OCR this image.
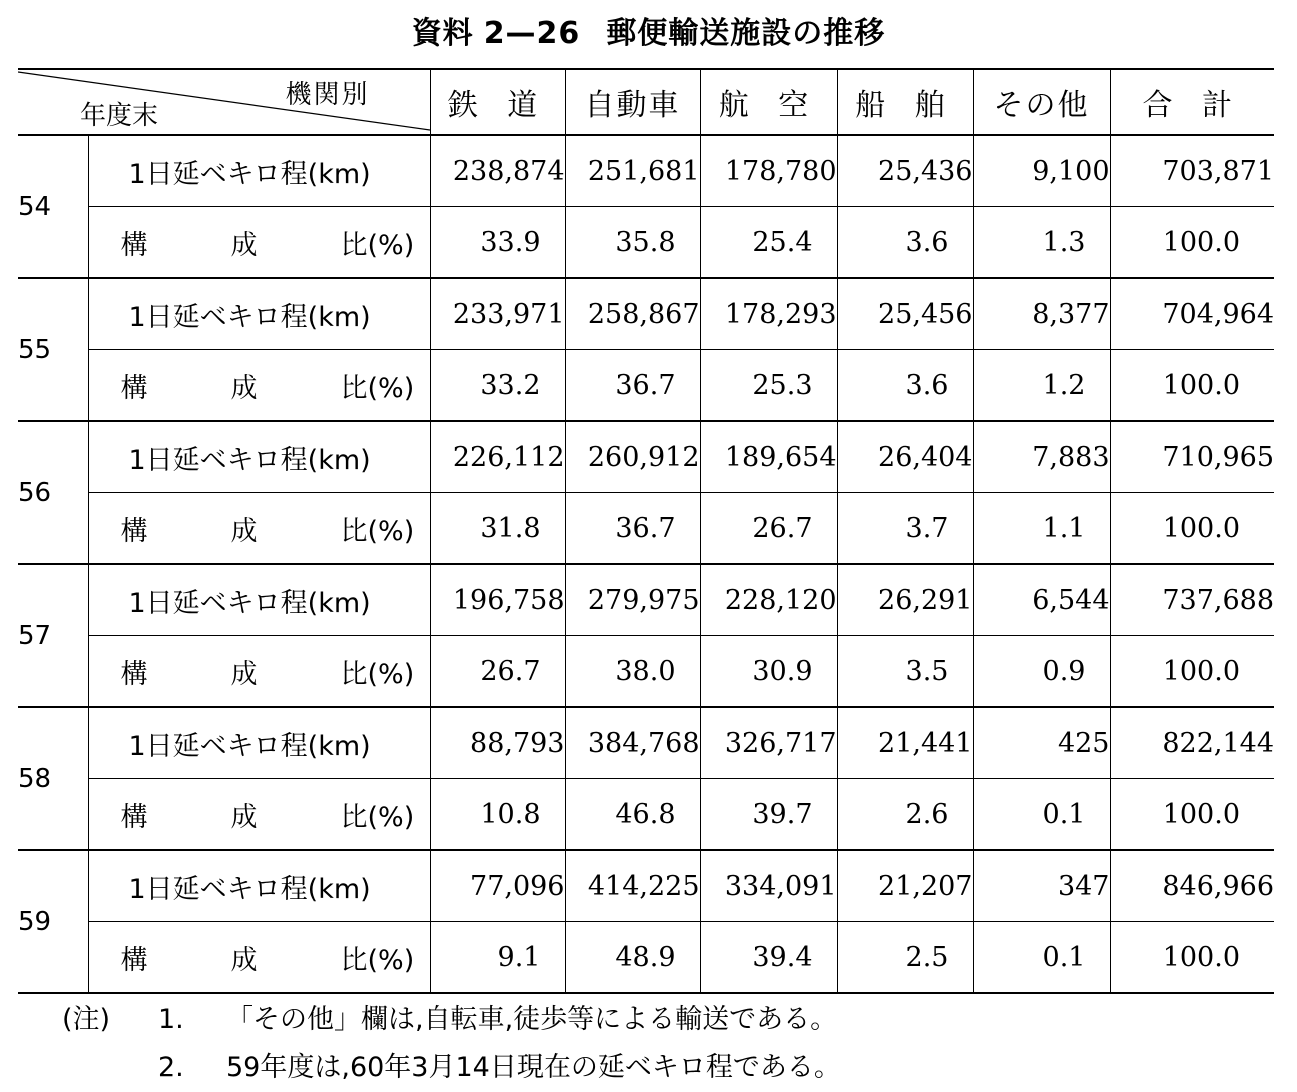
資料 2—26 郵便輸送施設の推移
機関別
年度末		鉄 道	自動車	航 空	船 舶	その他	合 計
54	1日延ベキロ程(km)	238,874	251,681	178,780	25,436	9,100	703,871
	構 成 比(%)	33.9	35.8	25.4	3.6	1.3	100.0
55	1日延ベキロ程(km)	233,971	258,867	178,293	25,456	8,377	704,964
	構 成 比(%)	33.2	36.7	25.3	3.6	1.2	100.0
56	1日延ベキロ程(km)	226,112	260,912	189,654	26,404	7,883	710,965
	構 成 比(%)	31.8	36.7	26.7	3.7	1.1	100.0
57	1日延ベキロ程(km)	196,758	279,975	228,120	26,291	6,544	737,688
	構 成 比(%)	26.7	38.0	30.9	3.5	0.9	100.0
58	1日延ベキロ程(km)	88,793	384,768	326,717	21,441	425	822,144
	構 成 比(%)	10.8	46.8	39.7	2.6	0.1	100.0
59	1日延ベキロ程(km)	77,096	414,225	334,091	21,207	347	846,966
	構 成 比(%)	9.1	48.9	39.4	2.5	0.1	100.0
(注) 1. 「その他」欄は,自転車,徒歩等による輸送である。
2. 59年度は,60年3月14日現在の延ベキロ程である。
